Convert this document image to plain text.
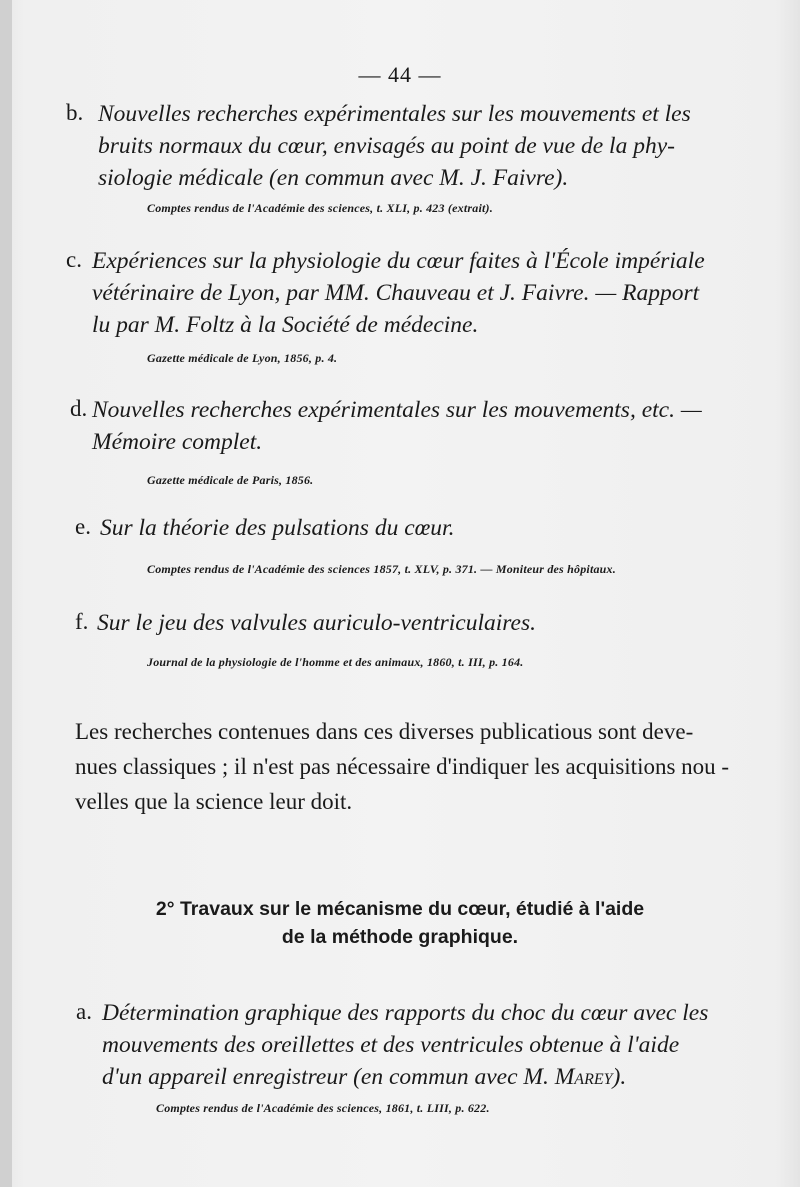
— 44 —
b. Nouvelles recherches expérimentales sur les mouvements et les
bruits normaux du cœur, envisagés au point de vue de la phy-
siologie médicale (en commun avec M. J. Faivre).
Comptes rendus de l'Académie des sciences, t. XLI, p. 423 (extrait).
c. Expériences sur la physiologie du cœur faites à l'École impériale
vétérinaire de Lyon, par MM. Chauveau et J. Faivre. — Rapport
lu par M. Foltz à la Société de médecine.
Gazette médicale de Lyon, 1856, p. 4.
d. Nouvelles recherches expérimentales sur les mouvements, etc. —
Mémoire complet.
Gazette médicale de Paris, 1856.
e. Sur la théorie des pulsations du cœur.
Comptes rendus de l'Académie des sciences 1857, t. XLV, p. 371. — Moniteur des hôpitaux.
f. Sur le jeu des valvules auriculo-ventriculaires.
Journal de la physiologie de l'homme et des animaux, 1860, t. III, p. 164.
Les recherches contenues dans ces diverses publicatious sont deve-
nues classiques ; il n'est pas nécessaire d'indiquer les acquisitions nou -
velles que la science leur doit.
2° Travaux sur le mécanisme du cœur, étudié à l'aide
de la méthode graphique.
a. Détermination graphique des rapports du choc du cœur avec les
mouvements des oreillettes et des ventricules obtenue à l'aide
d'un appareil enregistreur (en commun avec M. Marey).
Comptes rendus de l'Académie des sciences, 1861, t. LIII, p. 622.
